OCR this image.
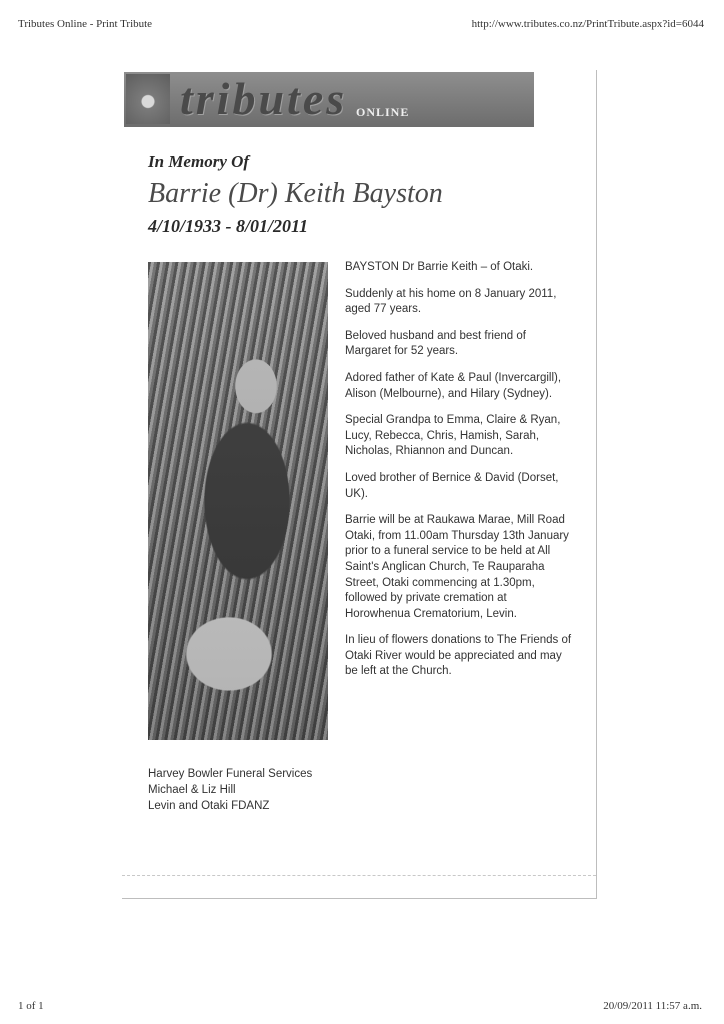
Tributes Online - Print Tribute	http://www.tributes.co.nz/PrintTribute.aspx?id=6044
tributes ONLINE
In Memory Of
Barrie (Dr) Keith Bayston
4/10/1933 - 8/01/2011

BAYSTON Dr Barrie Keith – of Otaki.

Suddenly at his home on 8 January 2011, aged 77 years.

Beloved husband and best friend of Margaret for 52 years.

Adored father of Kate & Paul (Invercargill), Alison (Melbourne), and Hilary (Sydney).

Special Grandpa to Emma, Claire & Ryan, Lucy, Rebecca, Chris, Hamish, Sarah, Nicholas, Rhiannon and Duncan.

Loved brother of Bernice & David (Dorset, UK).

Barrie will be at Raukawa Marae, Mill Road Otaki, from 11.00am Thursday 13th January prior to a funeral service to be held at All Saint's Anglican Church, Te Rauparaha Street, Otaki commencing at 1.30pm, followed by private cremation at Horowhenua Crematorium, Levin.

In lieu of flowers donations to The Friends of Otaki River would be appreciated and may be left at the Church.

Harvey Bowler Funeral Services
Michael & Liz Hill
Levin and Otaki FDANZ
1 of 1	20/09/2011 11:57 a.m.
